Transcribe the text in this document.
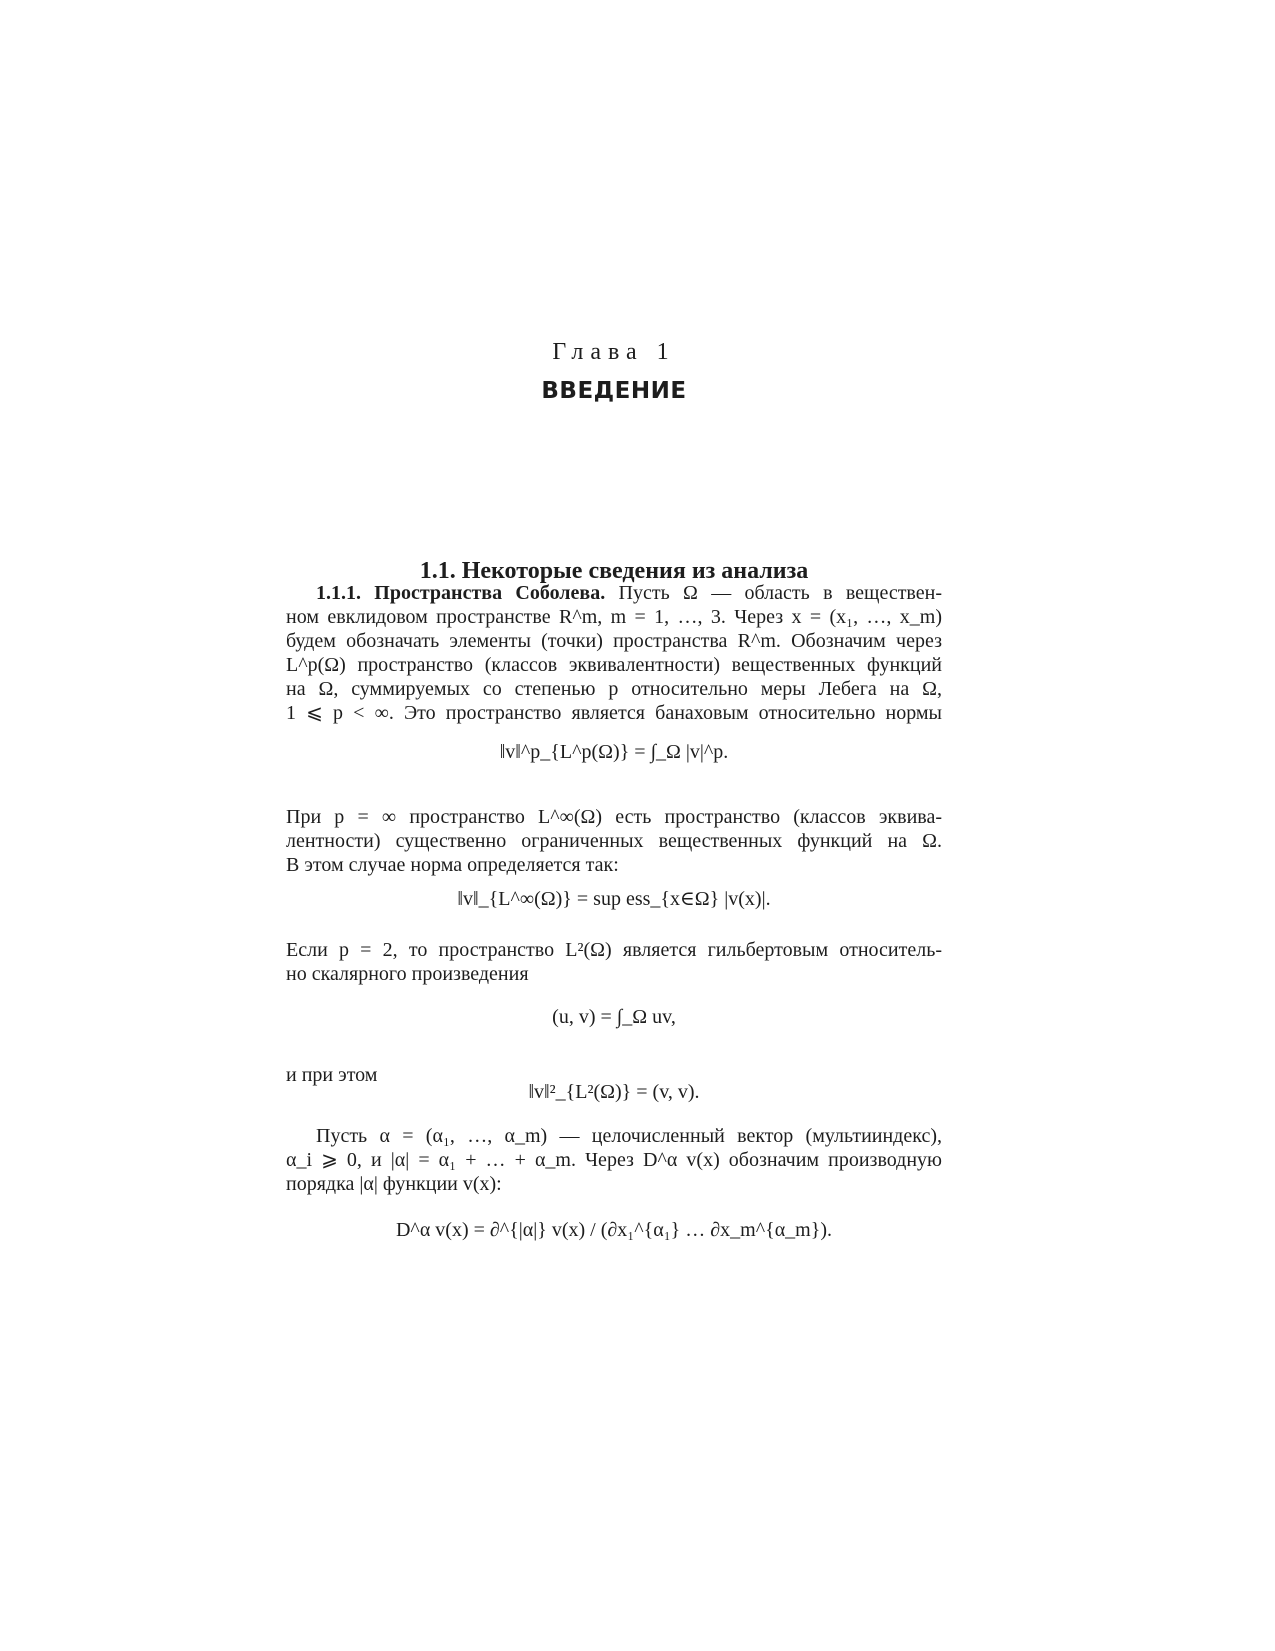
Глава 1
ВВЕДЕНИЕ
1.1. Некоторые сведения из анализа
1.1.1. Пространства Соболева. Пусть Ω — область в веществен-
ном евклидовом пространстве R^m, m = 1, …, 3. Через x = (x₁, …, x_m)
будем обозначать элементы (точки) пространства R^m. Обозначим через
L^p(Ω) пространство (классов эквивалентности) вещественных функций
на Ω, суммируемых со степенью p относительно меры Лебега на Ω,
1 ⩽ p < ∞. Это пространство является банаховым относительно нормы
‖v‖^p_{L^p(Ω)} = ∫_Ω |v|^p.
При p = ∞ пространство L^∞(Ω) есть пространство (классов эквива-
лентности) существенно ограниченных вещественных функций на Ω.
В этом случае норма определяется так:
‖v‖_{L^∞(Ω)} = sup ess_{x∈Ω} |v(x)|.
Если p = 2, то пространство L²(Ω) является гильбертовым относитель-
но скалярного произведения
(u, v) = ∫_Ω uv,
и при этом
‖v‖²_{L²(Ω)} = (v, v).
Пусть α = (α₁, …, α_m) — целочисленный вектор (мультииндекс),
α_i ⩾ 0, и |α| = α₁ + … + α_m. Через D^α v(x) обозначим производную
порядка |α| функции v(x):
D^α v(x) = ∂^{|α|} v(x) / (∂x₁^{α₁} … ∂x_m^{α_m}).
